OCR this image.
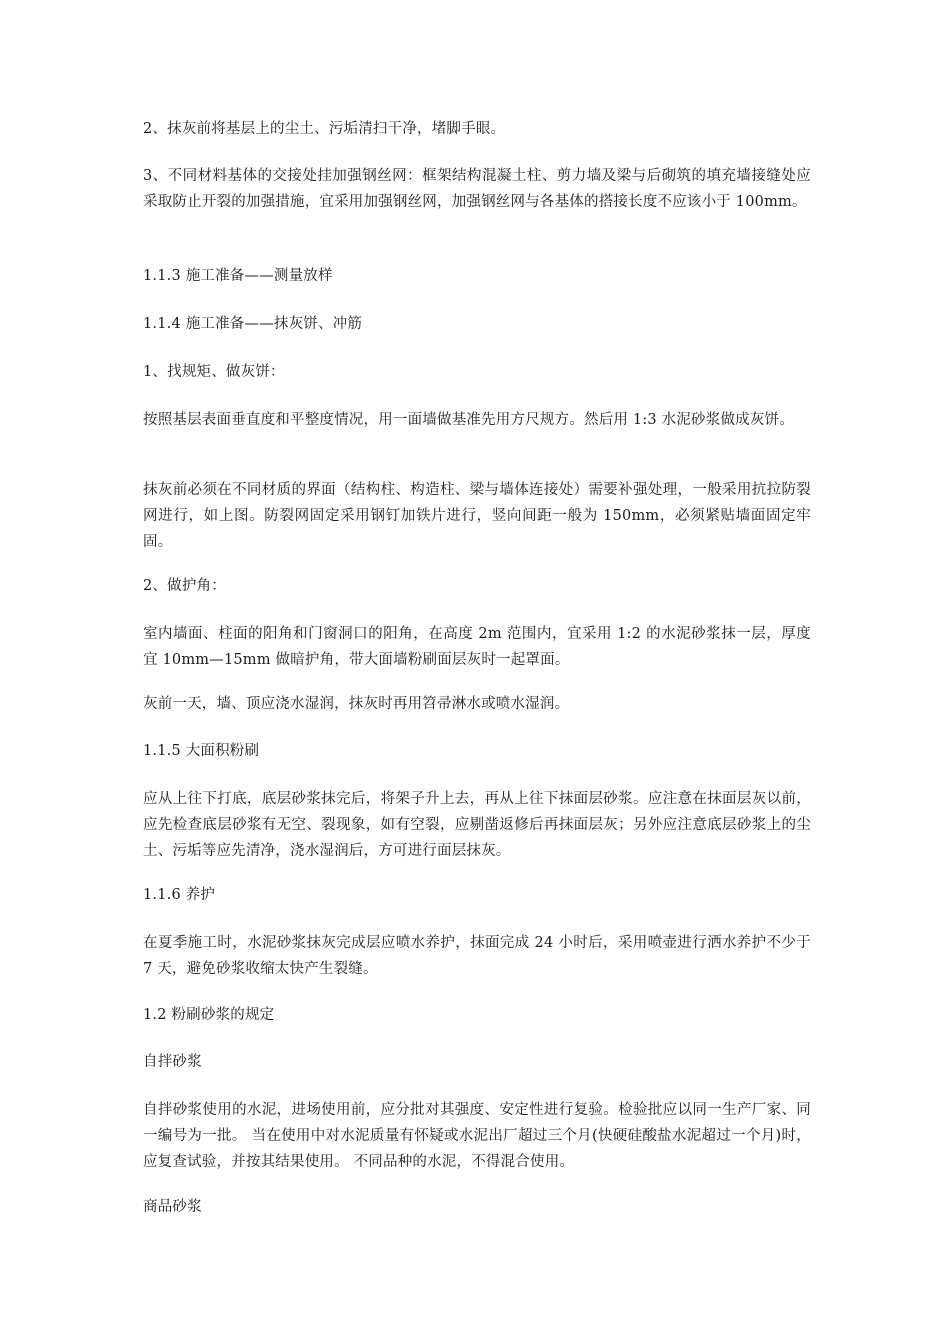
2、抹灰前将基层上的尘土、污垢清扫干净，堵脚手眼。

3、不同材料基体的交接处挂加强钢丝网：框架结构混凝土柱、剪力墙及梁与后砌筑的填充墙接缝处应采取防止开裂的加强措施，宜采用加强钢丝网，加强钢丝网与各基体的搭接长度不应该小于 100mm。

1.1.3 施工准备——测量放样

1.1.4 施工准备——抹灰饼、冲筋

1、找规矩、做灰饼：

按照基层表面垂直度和平整度情况，用一面墙做基准先用方尺规方。然后用 1:3 水泥砂浆做成灰饼。

抹灰前必须在不同材质的界面（结构柱、构造柱、梁与墙体连接处）需要补强处理，一般采用抗拉防裂网进行，如上图。防裂网固定采用钢钉加铁片进行，竖向间距一般为 150mm，必须紧贴墙面固定牢固。

2、做护角：

室内墙面、柱面的阳角和门窗洞口的阳角，在高度 2m 范围内，宜采用 1:2 的水泥砂浆抹一层，厚度宜 10mm—15mm 做暗护角，带大面墙粉刷面层灰时一起罩面。

灰前一天，墙、顶应浇水湿润，抹灰时再用笤帚淋水或喷水湿润。

1.1.5 大面积粉刷

应从上往下打底，底层砂浆抹完后，将架子升上去，再从上往下抹面层砂浆。应注意在抹面层灰以前，应先检查底层砂浆有无空、裂现象，如有空裂，应剔凿返修后再抹面层灰；另外应注意底层砂浆上的尘土、污垢等应先清净，浇水湿润后，方可进行面层抹灰。

1.1.6 养护

在夏季施工时，水泥砂浆抹灰完成层应喷水养护，抹面完成 24 小时后，采用喷壶进行洒水养护不少于 7 天，避免砂浆收缩太快产生裂缝。

1.2 粉刷砂浆的规定

自拌砂浆

自拌砂浆使用的水泥，进场使用前，应分批对其强度、安定性进行复验。检验批应以同一生产厂家、同一编号为一批。 当在使用中对水泥质量有怀疑或水泥出厂超过三个月(快硬硅酸盐水泥超过一个月)时，应复查试验，并按其结果使用。 不同品种的水泥，不得混合使用。

商品砂浆
